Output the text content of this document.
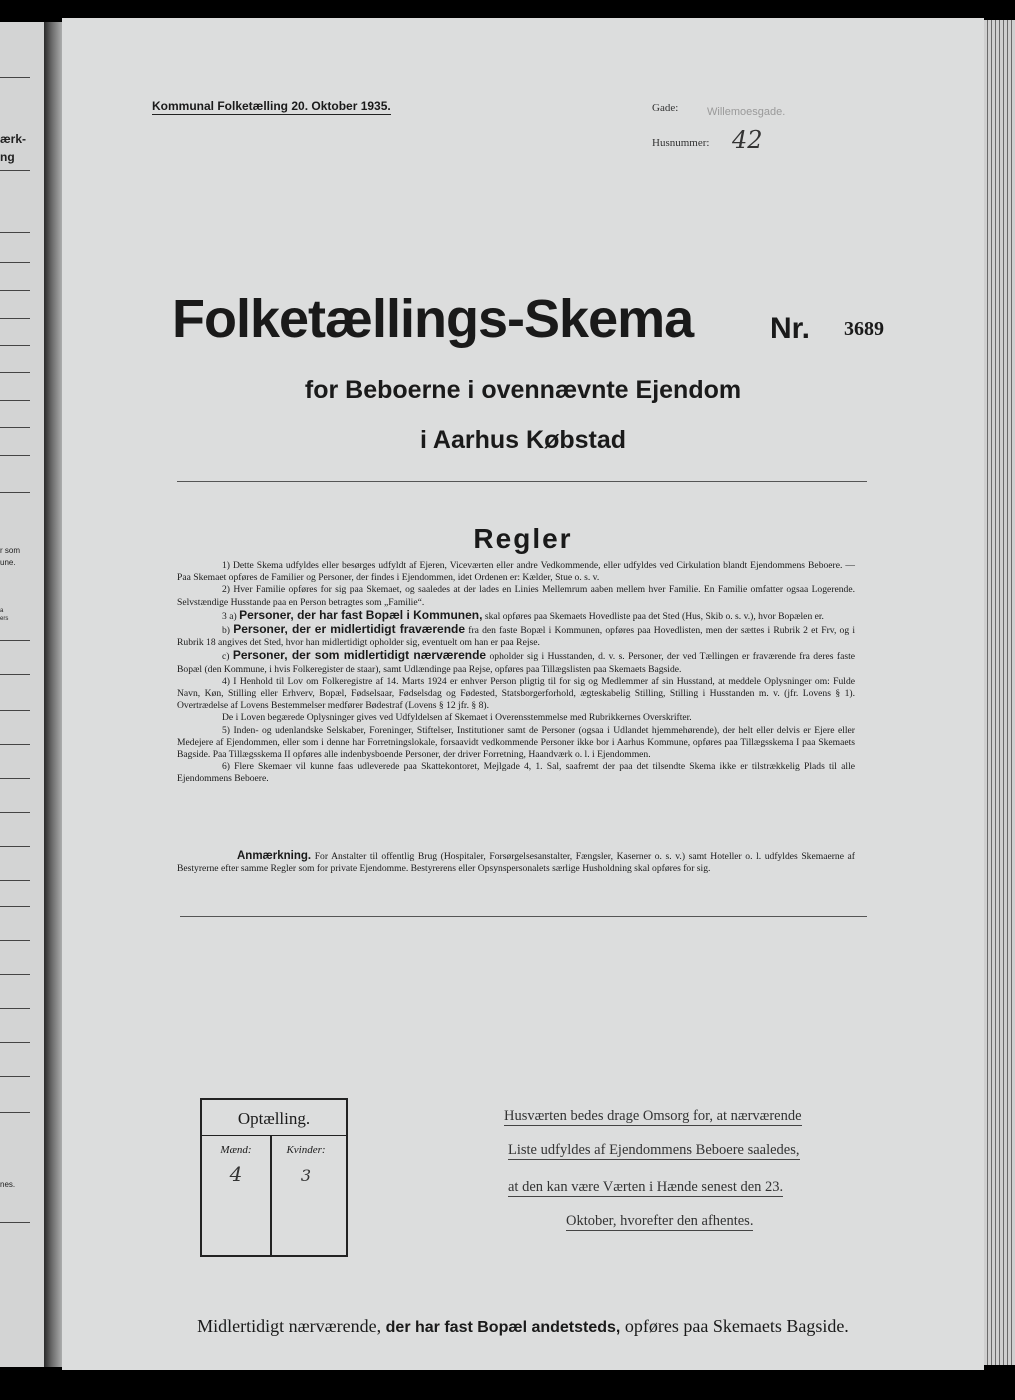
ærk-
ng
r som
une.
a
ers
nes.
Kommunal Folketælling 20. Oktober 1935.	Gade:	Willemoesgade.
Husnummer: 42
Folketællings-Skema	Nr. 3689
for Beboerne i ovennævnte Ejendom
i Aarhus Købstad
Regler

1) Dette Skema udfyldes eller besørges udfyldt af Ejeren, Viceværten eller andre Vedkommende, eller udfyldes ved Cirkulation blandt Ejendommens Beboere. — Paa Skemaet opføres de Familier og Personer, der findes i Ejendommen, idet Ordenen er: Kælder, Stue o. s. v.

2) Hver Familie opføres for sig paa Skemaet, og saaledes at der lades en Linies Mellemrum aaben mellem hver Familie. En Familie omfatter ogsaa Logerende. Selvstændige Husstande paa en Person betragtes som „Familie“.

3 a) Personer, der har fast Bopæl i Kommunen, skal opføres paa Skemaets Hovedliste paa det Sted (Hus, Skib o. s. v.), hvor Bopælen er.

b) Personer, der er midlertidigt fraværende fra den faste Bopæl i Kommunen, opføres paa Hovedlisten, men der sættes i Rubrik 2 et Frv, og i Rubrik 18 angives det Sted, hvor han midlertidigt opholder sig, eventuelt om han er paa Rejse.

c) Personer, der som midlertidigt nærværende opholder sig i Husstanden, d. v. s. Personer, der ved Tællingen er fraværende fra deres faste Bopæl (den Kommune, i hvis Folkeregister de staar), samt Udlændinge paa Rejse, opføres paa Tillægslisten paa Skemaets Bagside.

4) I Henhold til Lov om Folkeregistre af 14. Marts 1924 er enhver Person pligtig til for sig og Medlemmer af sin Husstand, at meddele Oplysninger om: Fulde Navn, Køn, Stilling eller Erhverv, Bopæl, Fødselsaar, Fødselsdag og Fødested, Statsborgerforhold, ægteskabelig Stilling, Stilling i Husstanden m. v. (jfr. Lovens § 1). Overtrædelse af Lovens Bestemmelser medfører Bødestraf (Lovens § 12 jfr. § 8).

De i Loven begærede Oplysninger gives ved Udfyldelsen af Skemaet i Overensstemmelse med Rubrikkernes Overskrifter.

5) Inden- og udenlandske Selskaber, Foreninger, Stiftelser, Institutioner samt de Personer (ogsaa i Udlandet hjemmehørende), der helt eller delvis er Ejere eller Medejere af Ejendommen, eller som i denne har Forretningslokale, forsaavidt vedkommende Personer ikke bor i Aarhus Kommune, opføres paa Tillægsskema I paa Skemaets Bagside. Paa Tillægsskema II opføres alle indenbysboende Personer, der driver Forretning, Haandværk o. l. i Ejendommen.

6) Flere Skemaer vil kunne faas udleverede paa Skattekontoret, Mejlgade 4, 1. Sal, saafremt der paa det tilsendte Skema ikke er tilstrækkelig Plads til alle Ejendommens Beboere.

Anmærkning. For Anstalter til offentlig Brug (Hospitaler, Forsørgelsesanstalter, Fængsler, Kaserner o. s. v.) samt Hoteller o. l. udfyldes Skemaerne af Bestyrerne efter samme Regler som for private Ejendomme. Bestyrerens eller Opsynspersonalets særlige Husholdning skal opføres for sig.
Optælling.
Mænd:	Kvinder:
4	3
Husværten bedes drage Omsorg for, at nærværende
Liste udfyldes af Ejendommens Beboere saaledes,
at den kan være Værten i Hænde senest den 23.
Oktober, hvorefter den afhentes.
Midlertidigt nærværende, der har fast Bopæl andetsteds, opføres paa Skemaets Bagside.
